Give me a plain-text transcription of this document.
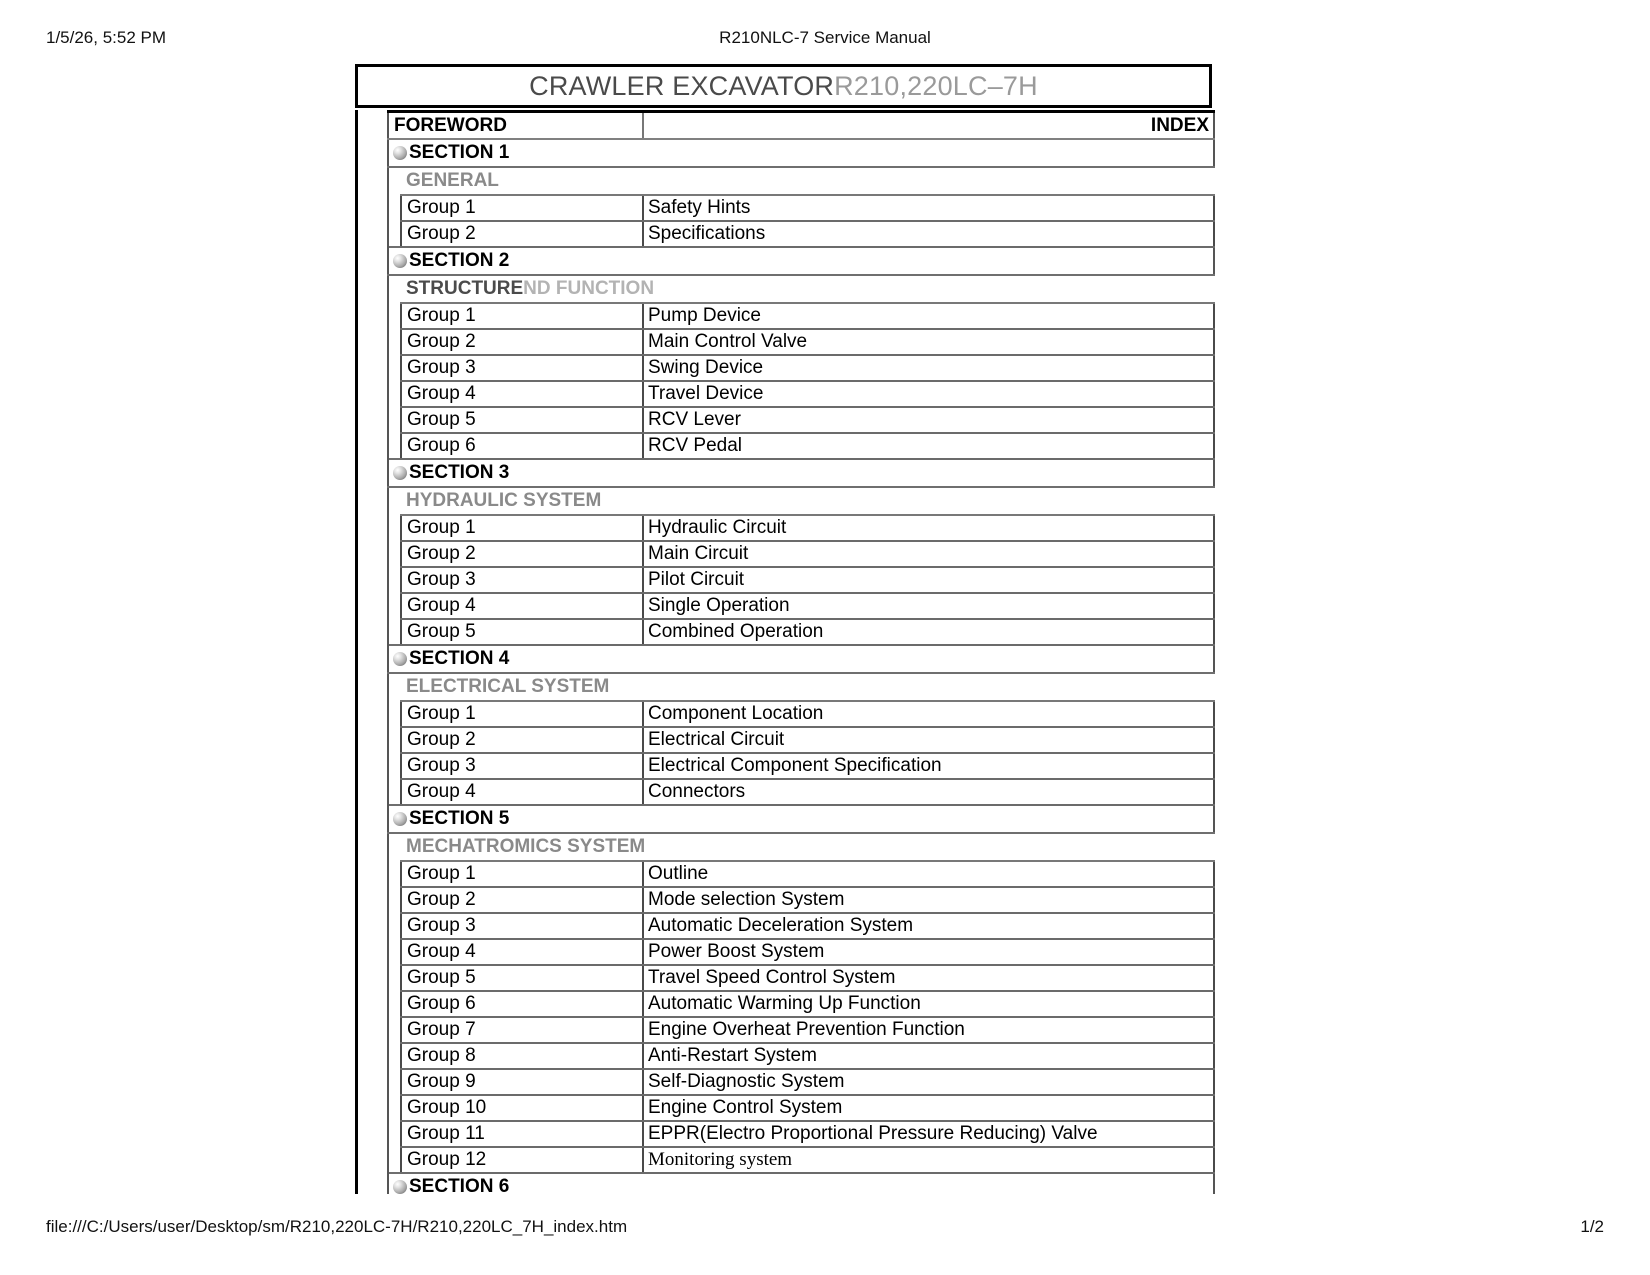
1/5/26, 5:52 PM	R210NLC-7 Service Manual
CRAWLER EXCAVATORR210,220LC–7H
FOREWORD		INDEX
SECTION 1		
	GENERAL	
	Group 1	Safety Hints
	Group 2	Specifications
SECTION 2		
	STRUCTUREND FUNCTION	
	Group 1	Pump Device
	Group 2	Main Control Valve
	Group 3	Swing Device
	Group 4	Travel Device
	Group 5	RCV Lever
	Group 6	RCV Pedal
SECTION 3		
	HYDRAULIC SYSTEM	
	Group 1	Hydraulic Circuit
	Group 2	Main Circuit
	Group 3	Pilot Circuit
	Group 4	Single Operation
	Group 5	Combined Operation
SECTION 4		
	ELECTRICAL SYSTEM	
	Group 1	Component Location
	Group 2	Electrical Circuit
	Group 3	Electrical Component Specification
	Group 4	Connectors
SECTION 5		
	MECHATROMICS SYSTEM	
	Group 1	Outline
	Group 2	Mode selection System
	Group 3	Automatic Deceleration System
	Group 4	Power Boost System
	Group 5	Travel Speed Control System
	Group 6	Automatic Warming Up Function
	Group 7	Engine Overheat Prevention Function
	Group 8	Anti-Restart System
	Group 9	Self-Diagnostic System
	Group 10	Engine Control System
	Group 11	EPPR(Electro Proportional Pressure Reducing) Valve
	Group 12	Monitoring system
SECTION 6		

file:///C:/Users/user/Desktop/sm/R210,220LC-7H/R210,220LC_7H_index.htm	1/2
